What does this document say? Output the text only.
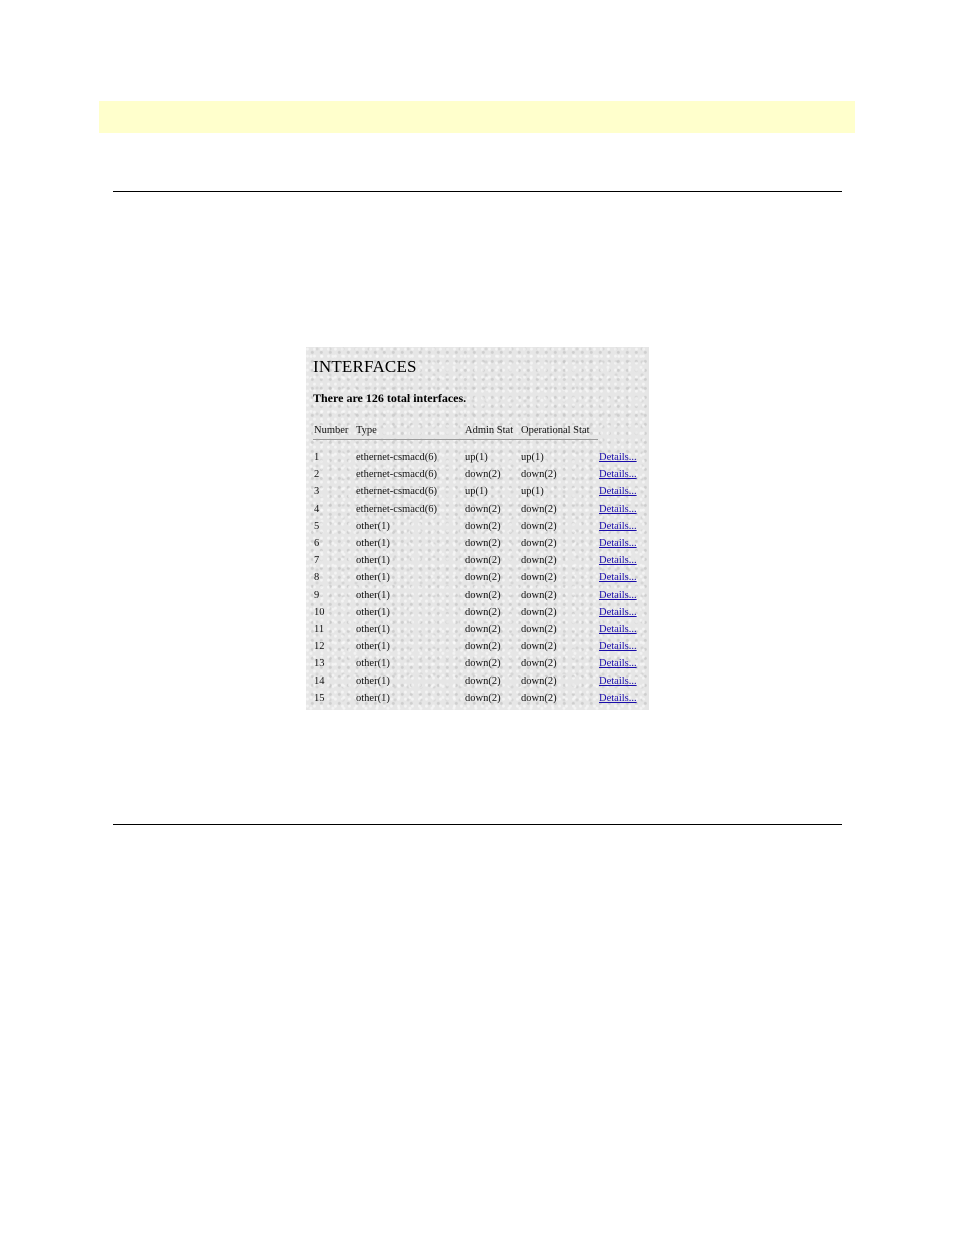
INTERFACES

There are 126 total interfaces.

Number	Type	Admin Stat	Operational Stat	

1	ethernet-csmacd(6)	up(1)	up(1)	Details...
2	ethernet-csmacd(6)	down(2)	down(2)	Details...
3	ethernet-csmacd(6)	up(1)	up(1)	Details...
4	ethernet-csmacd(6)	down(2)	down(2)	Details...
5	other(1)	down(2)	down(2)	Details...
6	other(1)	down(2)	down(2)	Details...
7	other(1)	down(2)	down(2)	Details...
8	other(1)	down(2)	down(2)	Details...
9	other(1)	down(2)	down(2)	Details...
10	other(1)	down(2)	down(2)	Details...
11	other(1)	down(2)	down(2)	Details...
12	other(1)	down(2)	down(2)	Details...
13	other(1)	down(2)	down(2)	Details...
14	other(1)	down(2)	down(2)	Details...
15	other(1)	down(2)	down(2)	Details...
